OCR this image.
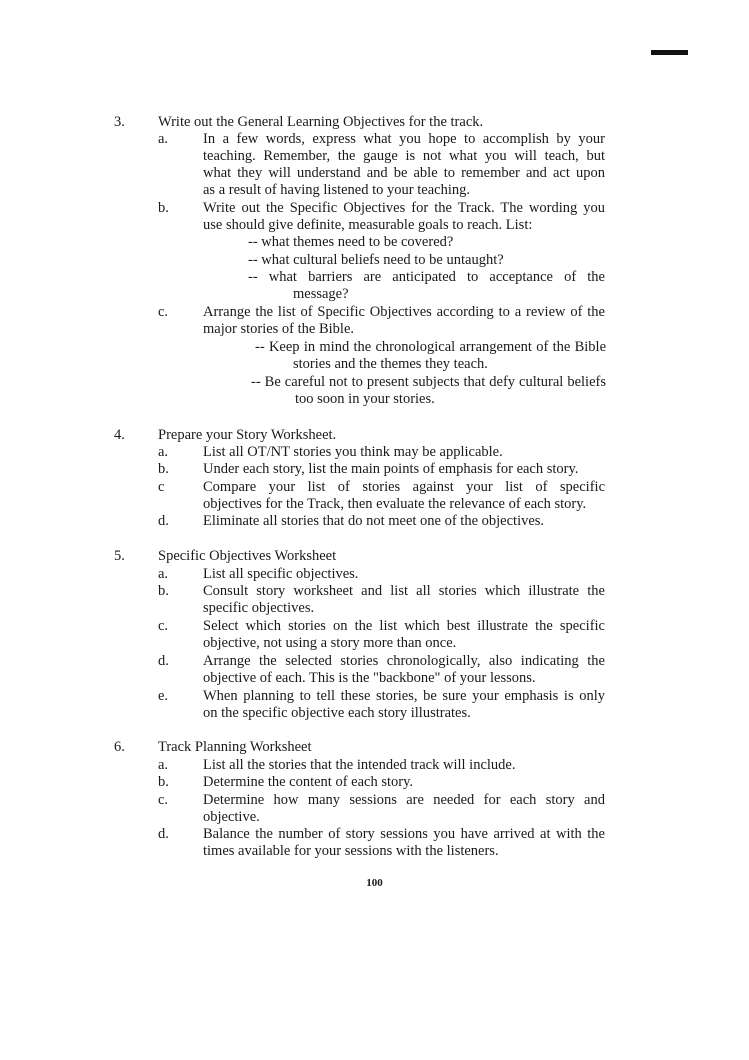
3. Write out the General Learning Objectives for the track.
a. In a few words, express what you hope to accomplish by your
teaching. Remember, the gauge is not what you will teach, but
what they will understand and be able to remember and act upon
as a result of having listened to your teaching.
b. Write out the Specific Objectives for the Track. The wording you
use should give definite, measurable goals to reach. List:
-- what themes need to be covered?
-- what cultural beliefs need to be untaught?
-- what barriers are anticipated to acceptance of the
message?
c. Arrange the list of Specific Objectives according to a review of the
major stories of the Bible.
-- Keep in mind the chronological arrangement of the Bible
stories and the themes they teach.
-- Be careful not to present subjects that defy cultural beliefs
too soon in your stories.
4. Prepare your Story Worksheet.
a. List all OT/NT stories you think may be applicable.
b. Under each story, list the main points of emphasis for each story.
c	Compare your list of stories against your list of specific
objectives for the Track, then evaluate the relevance of each story.
d. Eliminate all stories that do not meet one of the objectives.
5. Specific Objectives Worksheet
a. List all specific objectives.
b. Consult story worksheet and list all stories which illustrate the
specific objectives.
c. Select which stories on the list which best illustrate the specific
objective, not using a story more than once.
d. Arrange the selected stories chronologically, also indicating the
objective of each. This is the "backbone" of your lessons.
e. When planning to tell these stories, be sure your emphasis is only
on the specific objective each story illustrates.
6. Track Planning Worksheet
a. List all the stories that the intended track will include.
b. Determine the content of each story.
c. Determine how many sessions are needed for each story and
objective.
d. Balance the number of story sessions you have arrived at with the
times available for your sessions with the listeners.
100
